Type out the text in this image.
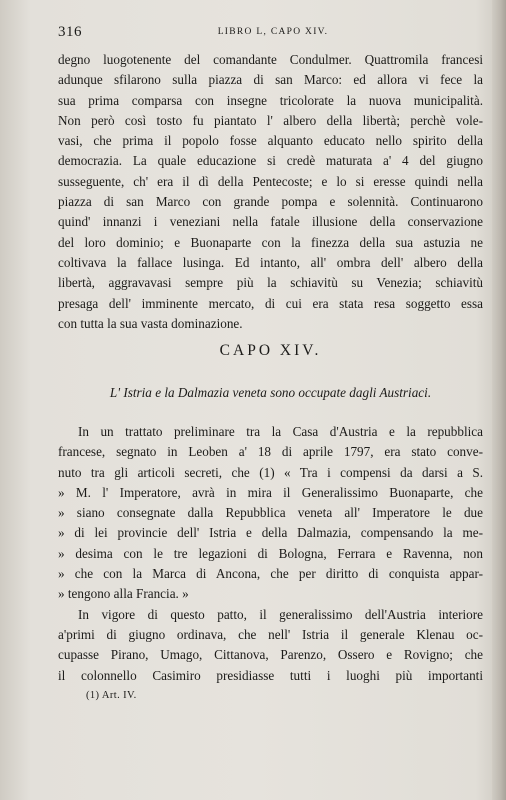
316	LIBRO L, CAPO XIV.

degno luogotenente del comandante Condulmer. Quattromila francesi

adunque sfilarono sulla piazza di san Marco: ed allora vi fece la

sua prima comparsa con insegne tricolorate la nuova municipalità.

Non però così tosto fu piantato l' albero della libertà; perchè vole-

vasi, che prima il popolo fosse alquanto educato nello spirito della

democrazia. La quale educazione si credè maturata a' 4 del giugno

susseguente, ch' era il dì della Pentecoste; e lo si eresse quindi nella

piazza di san Marco con grande pompa e solennità. Continuarono

quind' innanzi i veneziani nella fatale illusione della conservazione

del loro dominio; e Buonaparte con la finezza della sua astuzia ne

coltivava la fallace lusinga. Ed intanto, all' ombra dell' albero della

libertà, aggravavasi sempre più la schiavitù su Venezia; schiavitù

presaga dell' imminente mercato, di cui era stata resa soggetto essa

con tutta la sua vasta dominazione.

CAPO XIV.
L' Istria e la Dalmazia veneta sono occupate dagli Austriaci.

In un trattato preliminare tra la Casa d'Austria e la repubblica

francese, segnato in Leoben a' 18 di aprile 1797, era stato conve-

nuto tra gli articoli secreti, che (1) « Tra i compensi da darsi a S.

» M. l' Imperatore, avrà in mira il Generalissimo Buonaparte, che

» siano consegnate dalla Repubblica veneta all' Imperatore le due

» di lei provincie dell' Istria e della Dalmazia, compensando la me-

» desima con le tre legazioni di Bologna, Ferrara e Ravenna, non

» che con la Marca di Ancona, che per diritto di conquista appar-

» tengono alla Francia. »

In vigore di questo patto, il generalissimo dell'Austria interiore

a'primi di giugno ordinava, che nell' Istria il generale Klenau oc-

cupasse Pirano, Umago, Cittanova, Parenzo, Ossero e Rovigno; che

il colonnello Casimiro presidiasse tutti i luoghi più importanti

(1) Art. IV.
